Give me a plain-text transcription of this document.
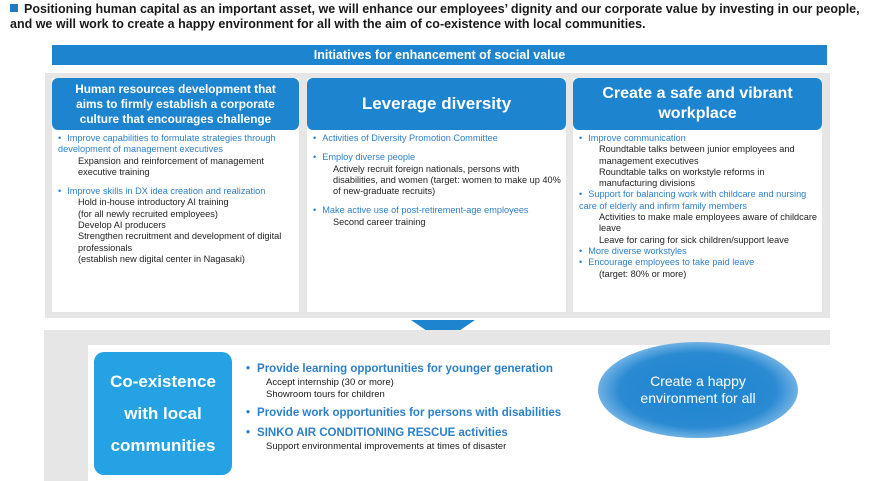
Positioning human capital as an important asset, we will enhance our employees’ dignity and our corporate value by investing in our people, and we will work to create a happy environment for all with the aim of co-existence with local communities.
Initiatives for enhancement of social value
Human resources development that aims to firmly establish a corporate culture that encourages challenge
• Improve capabilities to formulate strategies through development of management executives
Expansion and reinforcement of management executive training
• Improve skills in DX idea creation and realization
Hold in-house introductory AI training
(for all newly recruited employees)
Develop AI producers
Strengthen recruitment and development of digital professionals
(establish new digital center in Nagasaki)
Leverage diversity
• Activities of Diversity Promotion Committee
• Employ diverse people
Actively recruit foreign nationals, persons with disabilities, and women (target: women to make up 40% of new-graduate recruits)
• Make active use of post-retirement-age employees
Second career training
Create a safe and vibrant workplace
• Improve communication
Roundtable talks between junior employees and management executives
Roundtable talks on workstyle reforms in manufacturing divisions
• Support for balancing work with childcare and nursing care of elderly and infirm family members
Activities to make male employees aware of childcare leave
Leave for caring for sick children/support leave
• More diverse workstyles
• Encourage employees to take paid leave
(target: 80% or more)
Co-existence
with local
communities
• Provide learning opportunities for younger generation
Accept internship (30 or more)
Showroom tours for children
• Provide work opportunities for persons with disabilities
• SINKO AIR CONDITIONING RESCUE activities
Support environmental improvements at times of disaster
Create a happy
environment for all
